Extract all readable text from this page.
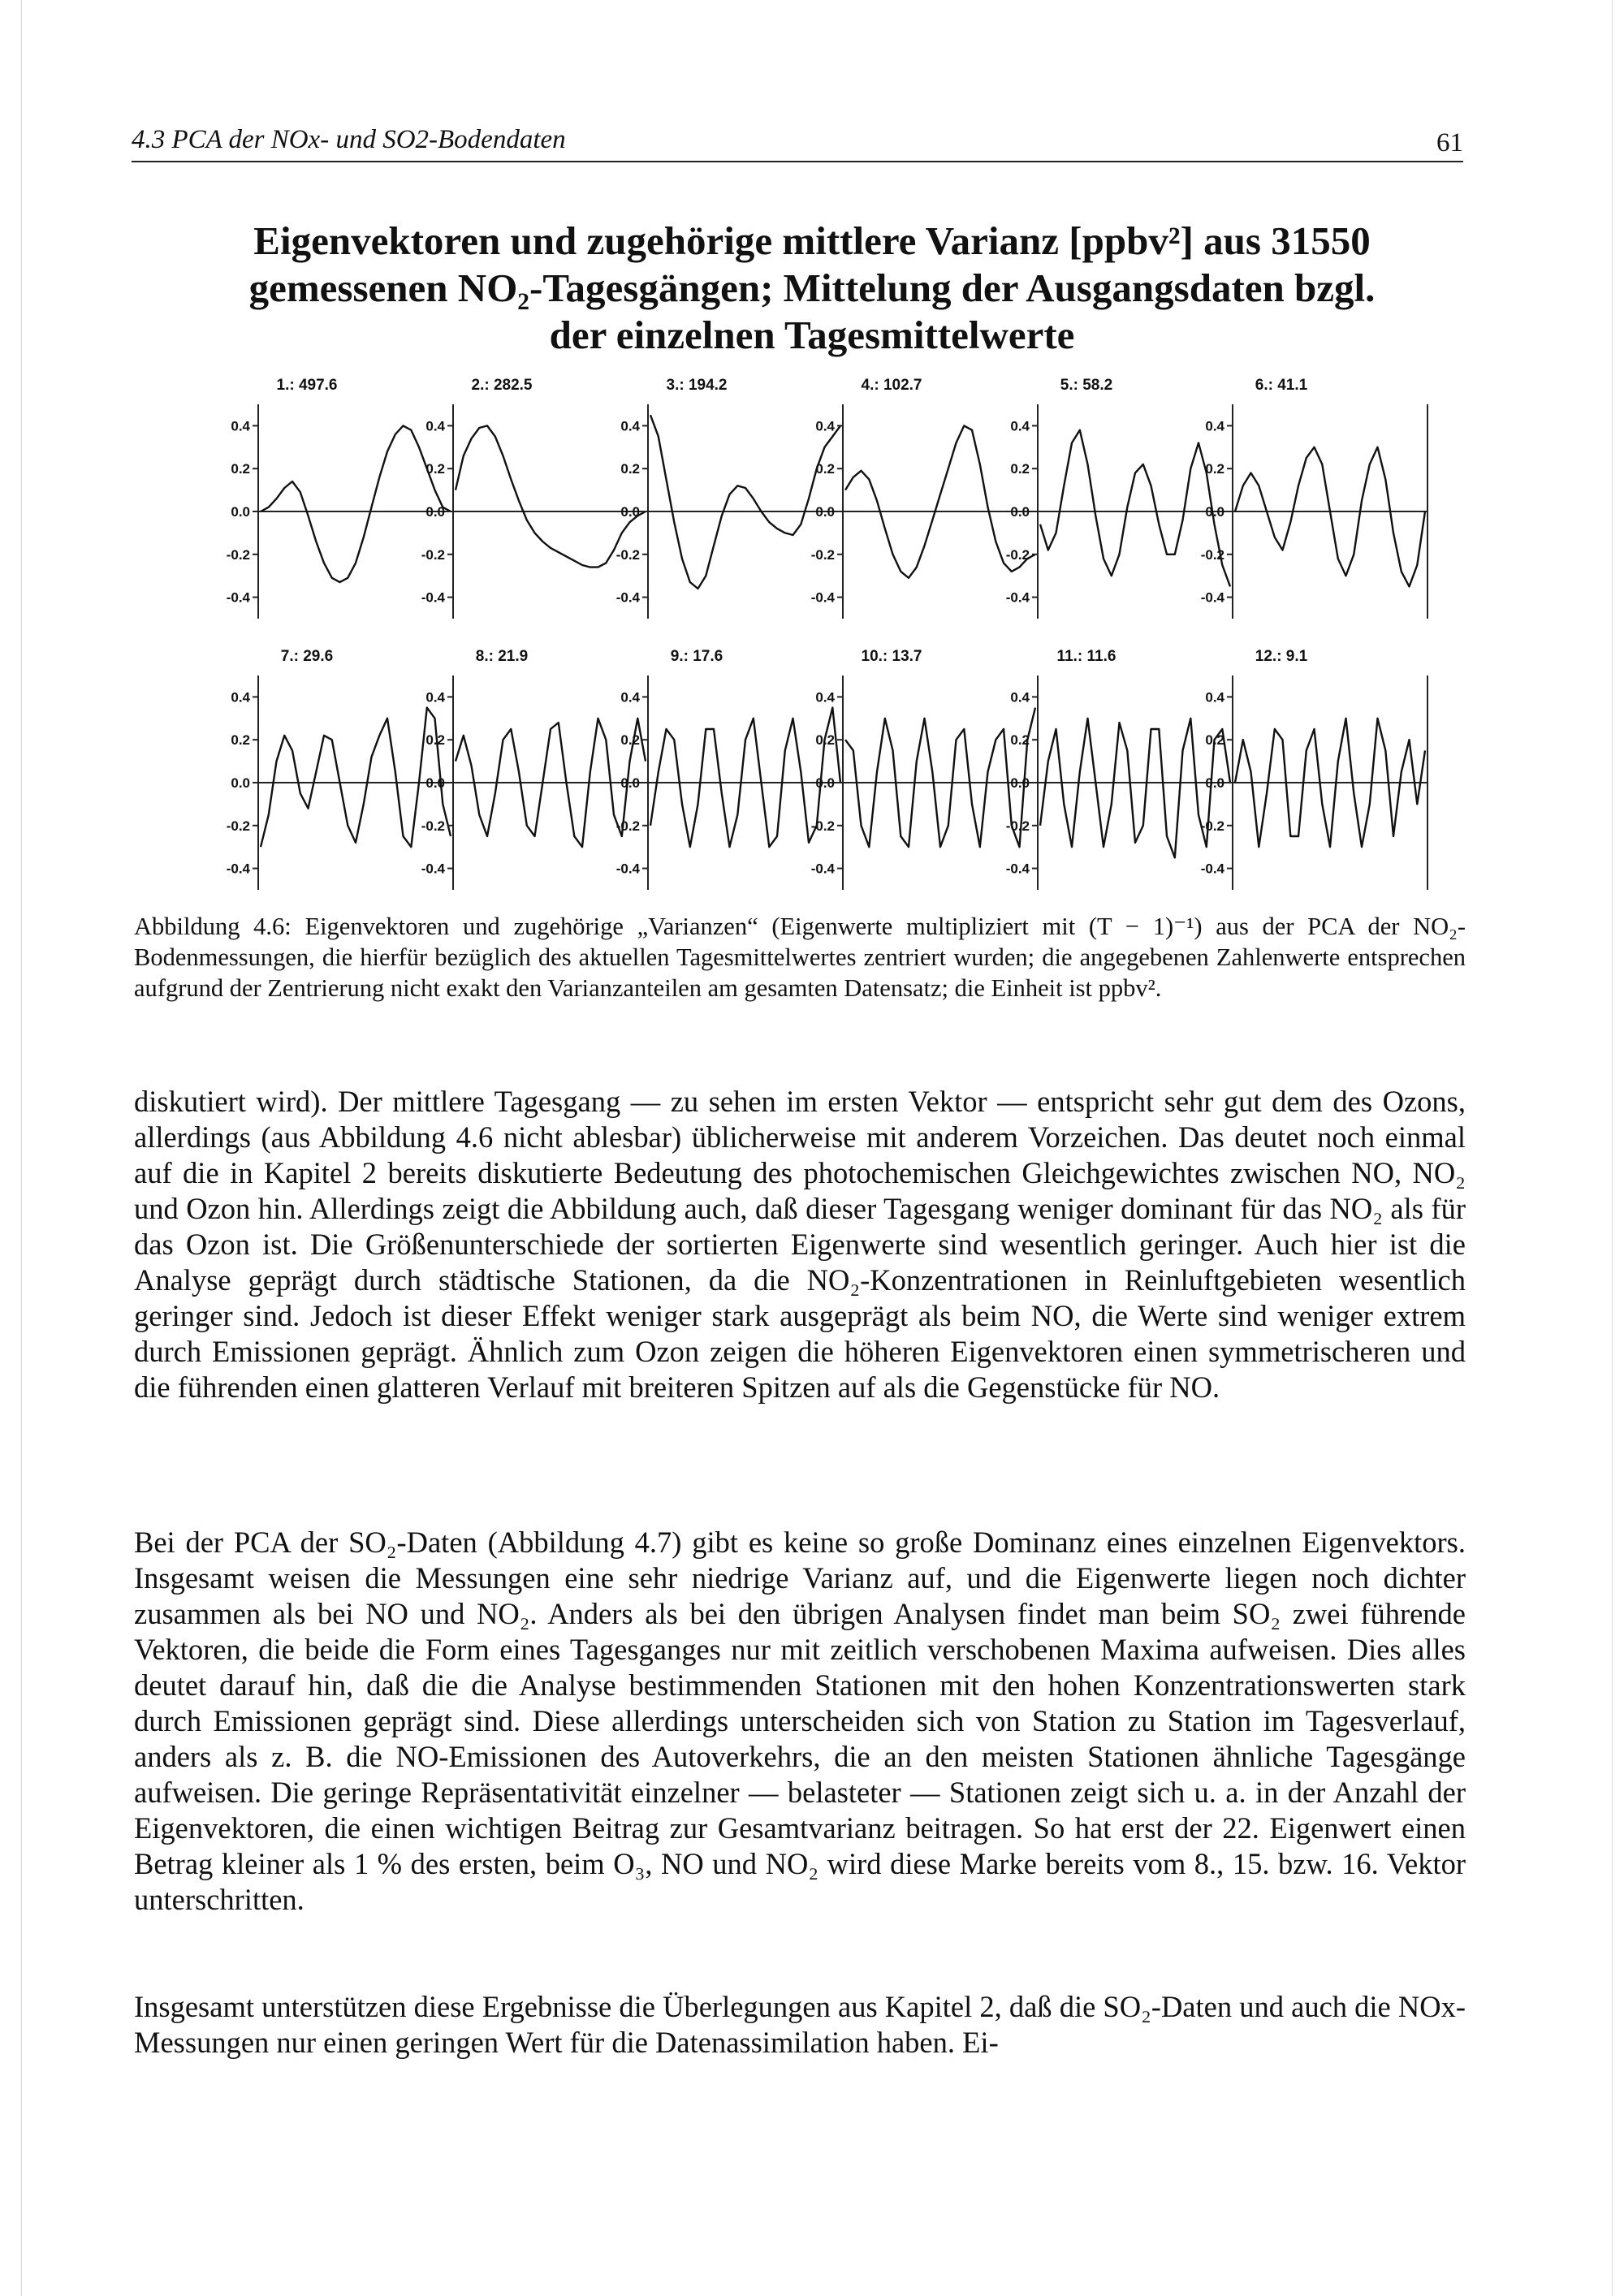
4.3 PCA der NOx- und SO2-Bodendaten	61
Eigenvektoren und zugehörige mittlere Varianz [ppbv²] aus 31550
gemessenen NO₂-Tagesgängen; Mittelung der Ausgangsdaten bzgl.
der einzelnen Tagesmittelwerte
0.4
0.2
0.0
-0.2
-0.4
1.: 497.6
0.4
0.2
0.0
-0.2
-0.4
2.: 282.5
0.4
0.2
0.0
-0.2
-0.4
3.: 194.2
0.4
0.2
0.0
-0.2
-0.4
4.: 102.7
0.4
0.2
0.0
-0.2
-0.4
5.: 58.2
0.4
0.2
0.0
-0.2
-0.4
6.: 41.1
0.4
0.2
0.0
-0.2
-0.4
7.: 29.6
0.4
0.2
0.0
-0.2
-0.4
8.: 21.9
0.4
0.2
0.0
-0.2
-0.4
9.: 17.6
0.4
0.2
0.0
-0.2
-0.4
10.: 13.7
0.4
0.2
0.0
-0.2
-0.4
11.: 11.6
0.4
0.2
0.0
-0.2
-0.4
12.: 9.1
Abbildung 4.6: Eigenvektoren und zugehörige „Varianzen“ (Eigenwerte multipliziert mit (T − 1)⁻¹) aus der PCA der NO₂-Bodenmessungen, die hierfür bezüglich des aktuellen Tagesmittelwertes zentriert wurden; die angegebenen Zahlenwerte entsprechen aufgrund der Zentrierung nicht exakt den Varianzanteilen am gesamten Datensatz; die Einheit ist ppbv².

diskutiert wird). Der mittlere Tagesgang — zu sehen im ersten Vektor — entspricht sehr gut dem des Ozons, allerdings (aus Abbildung 4.6 nicht ablesbar) üblicherweise mit anderem Vorzeichen. Das deutet noch einmal auf die in Kapitel 2 bereits diskutierte Bedeutung des photochemischen Gleichgewichtes zwischen NO, NO₂ und Ozon hin. Allerdings zeigt die Abbildung auch, daß dieser Tagesgang weniger dominant für das NO₂ als für das Ozon ist. Die Größenunterschiede der sortierten Eigenwerte sind wesentlich geringer. Auch hier ist die Analyse geprägt durch städtische Stationen, da die NO₂-Konzentrationen in Reinluftgebieten wesentlich geringer sind. Jedoch ist dieser Effekt weniger stark ausgeprägt als beim NO, die Werte sind weniger extrem durch Emissionen geprägt. Ähnlich zum Ozon zeigen die höheren Eigenvektoren einen symmetrischeren und die führenden einen glatteren Verlauf mit breiteren Spitzen auf als die Gegenstücke für NO.

Bei der PCA der SO₂-Daten (Abbildung 4.7) gibt es keine so große Dominanz eines einzelnen Eigenvektors. Insgesamt weisen die Messungen eine sehr niedrige Varianz auf, und die Eigenwerte liegen noch dichter zusammen als bei NO und NO₂. Anders als bei den übrigen Analysen findet man beim SO₂ zwei führende Vektoren, die beide die Form eines Tagesganges nur mit zeitlich verschobenen Maxima aufweisen. Dies alles deutet darauf hin, daß die die Analyse bestimmenden Stationen mit den hohen Konzentrationswerten stark durch Emissionen geprägt sind. Diese allerdings unterscheiden sich von Station zu Station im Tagesverlauf, anders als z. B. die NO-Emissionen des Autoverkehrs, die an den meisten Stationen ähnliche Tagesgänge aufweisen. Die geringe Repräsentativität einzelner — belasteter — Stationen zeigt sich u. a. in der Anzahl der Eigenvektoren, die einen wichtigen Beitrag zur Gesamtvarianz beitragen. So hat erst der 22. Eigenwert einen Betrag kleiner als 1 % des ersten, beim O₃, NO und NO₂ wird diese Marke bereits vom 8., 15. bzw. 16. Vektor unterschritten.

Insgesamt unterstützen diese Ergebnisse die Überlegungen aus Kapitel 2, daß die SO₂-Daten und auch die NOx-Messungen nur einen geringen Wert für die Datenassimilation haben. Ei-
